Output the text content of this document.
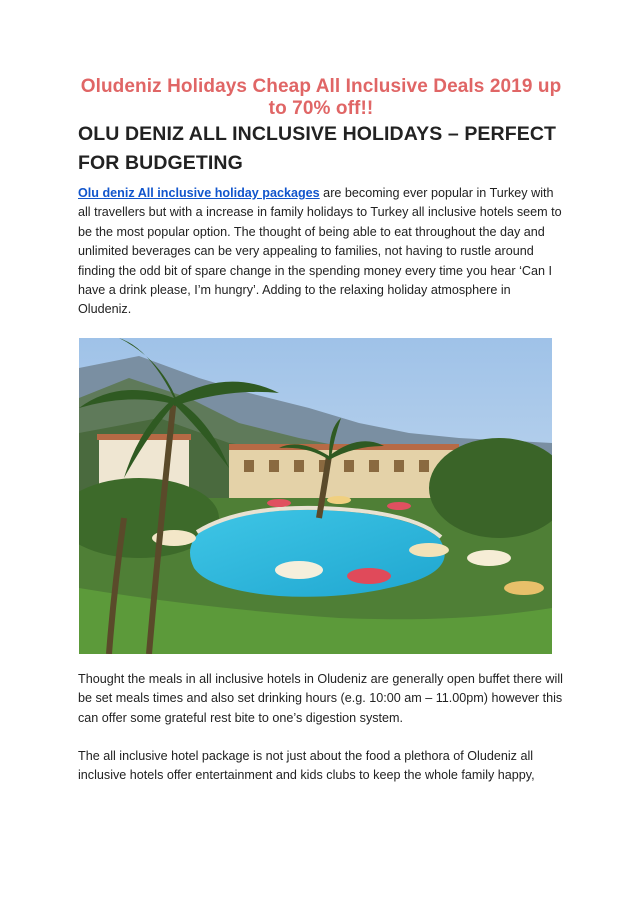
Oludeniz Holidays Cheap All Inclusive Deals 2019 up to 70% off!!
OLU DENIZ ALL INCLUSIVE HOLIDAYS – PERFECT FOR BUDGETING

Olu deniz All inclusive holiday packages are becoming ever popular in Turkey with all travellers but with a increase in family holidays to Turkey all inclusive hotels seem to be the most popular option. The thought of being able to eat throughout the day and unlimited beverages can be very appealing to families, not having to rustle around finding the odd bit of spare change in the spending money every time you hear ‘Can I have a drink please, I’m hungry’. Adding to the relaxing holiday atmosphere in Oludeniz.

Thought the meals in all inclusive hotels in Oludeniz are generally open buffet there will be set meals times and also set drinking hours (e.g. 10:00 am – 11.00pm) however this can offer some grateful rest bite to one’s digestion system.

The all inclusive hotel package is not just about the food a plethora of Oludeniz all inclusive hotels offer entertainment and kids clubs to keep the whole family happy,
